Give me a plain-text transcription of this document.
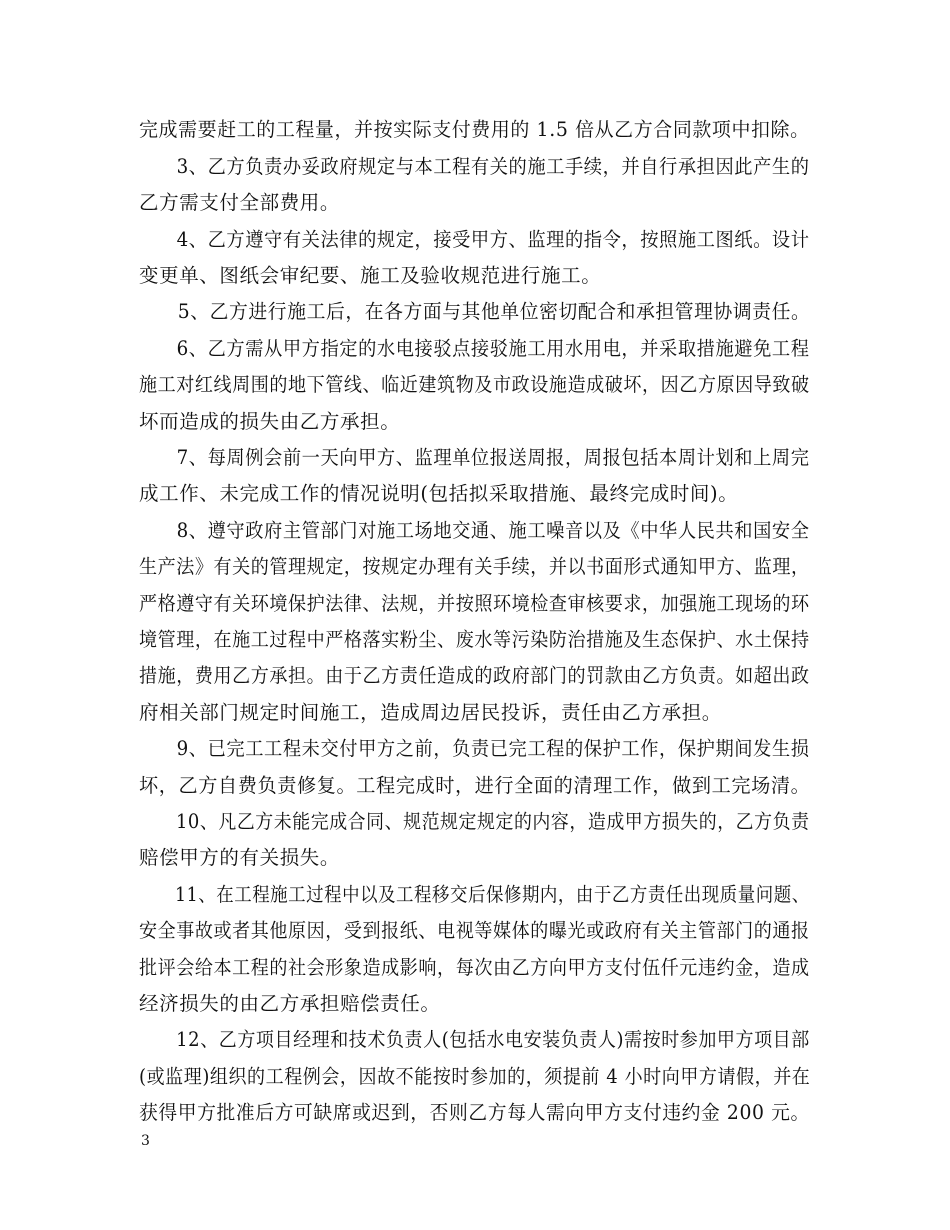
完成需要赶工的工程量，并按实际支付费用的 1.5 倍从乙方合同款项中扣除。
　　3、乙方负责办妥政府规定与本工程有关的施工手续，并自行承担因此产生的
乙方需支付全部费用。
　　4、乙方遵守有关法律的规定，接受甲方、监理的指令，按照施工图纸。设计
变更单、图纸会审纪要、施工及验收规范进行施工。
　　5、乙方进行施工后，在各方面与其他单位密切配合和承担管理协调责任。
　　6、乙方需从甲方指定的水电接驳点接驳施工用水用电，并采取措施避免工程
施工对红线周围的地下管线、临近建筑物及市政设施造成破坏，因乙方原因导致破
坏而造成的损失由乙方承担。
　　7、每周例会前一天向甲方、监理单位报送周报，周报包括本周计划和上周完
成工作、未完成工作的情况说明(包括拟采取措施、最终完成时间)。
　　8、遵守政府主管部门对施工场地交通、施工噪音以及《中华人民共和国安全
生产法》有关的管理规定，按规定办理有关手续，并以书面形式通知甲方、监理，
严格遵守有关环境保护法律、法规，并按照环境检查审核要求，加强施工现场的环
境管理，在施工过程中严格落实粉尘、废水等污染防治措施及生态保护、水土保持
措施，费用乙方承担。由于乙方责任造成的政府部门的罚款由乙方负责。如超出政
府相关部门规定时间施工，造成周边居民投诉，责任由乙方承担。
　　9、已完工工程未交付甲方之前，负责已完工程的保护工作，保护期间发生损
坏，乙方自费负责修复。工程完成时，进行全面的清理工作，做到工完场清。
　　10、凡乙方未能完成合同、规范规定规定的内容，造成甲方损失的，乙方负责
赔偿甲方的有关损失。
　　11、在工程施工过程中以及工程移交后保修期内，由于乙方责任出现质量问题、
安全事故或者其他原因，受到报纸、电视等媒体的曝光或政府有关主管部门的通报
批评会给本工程的社会形象造成影响，每次由乙方向甲方支付伍仟元违约金，造成
经济损失的由乙方承担赔偿责任。
　　12、乙方项目经理和技术负责人(包括水电安装负责人)需按时参加甲方项目部
(或监理)组织的工程例会，因故不能按时参加的，须提前 4 小时向甲方请假，并在
获得甲方批准后方可缺席或迟到，否则乙方每人需向甲方支付违约金 200 元。
3
